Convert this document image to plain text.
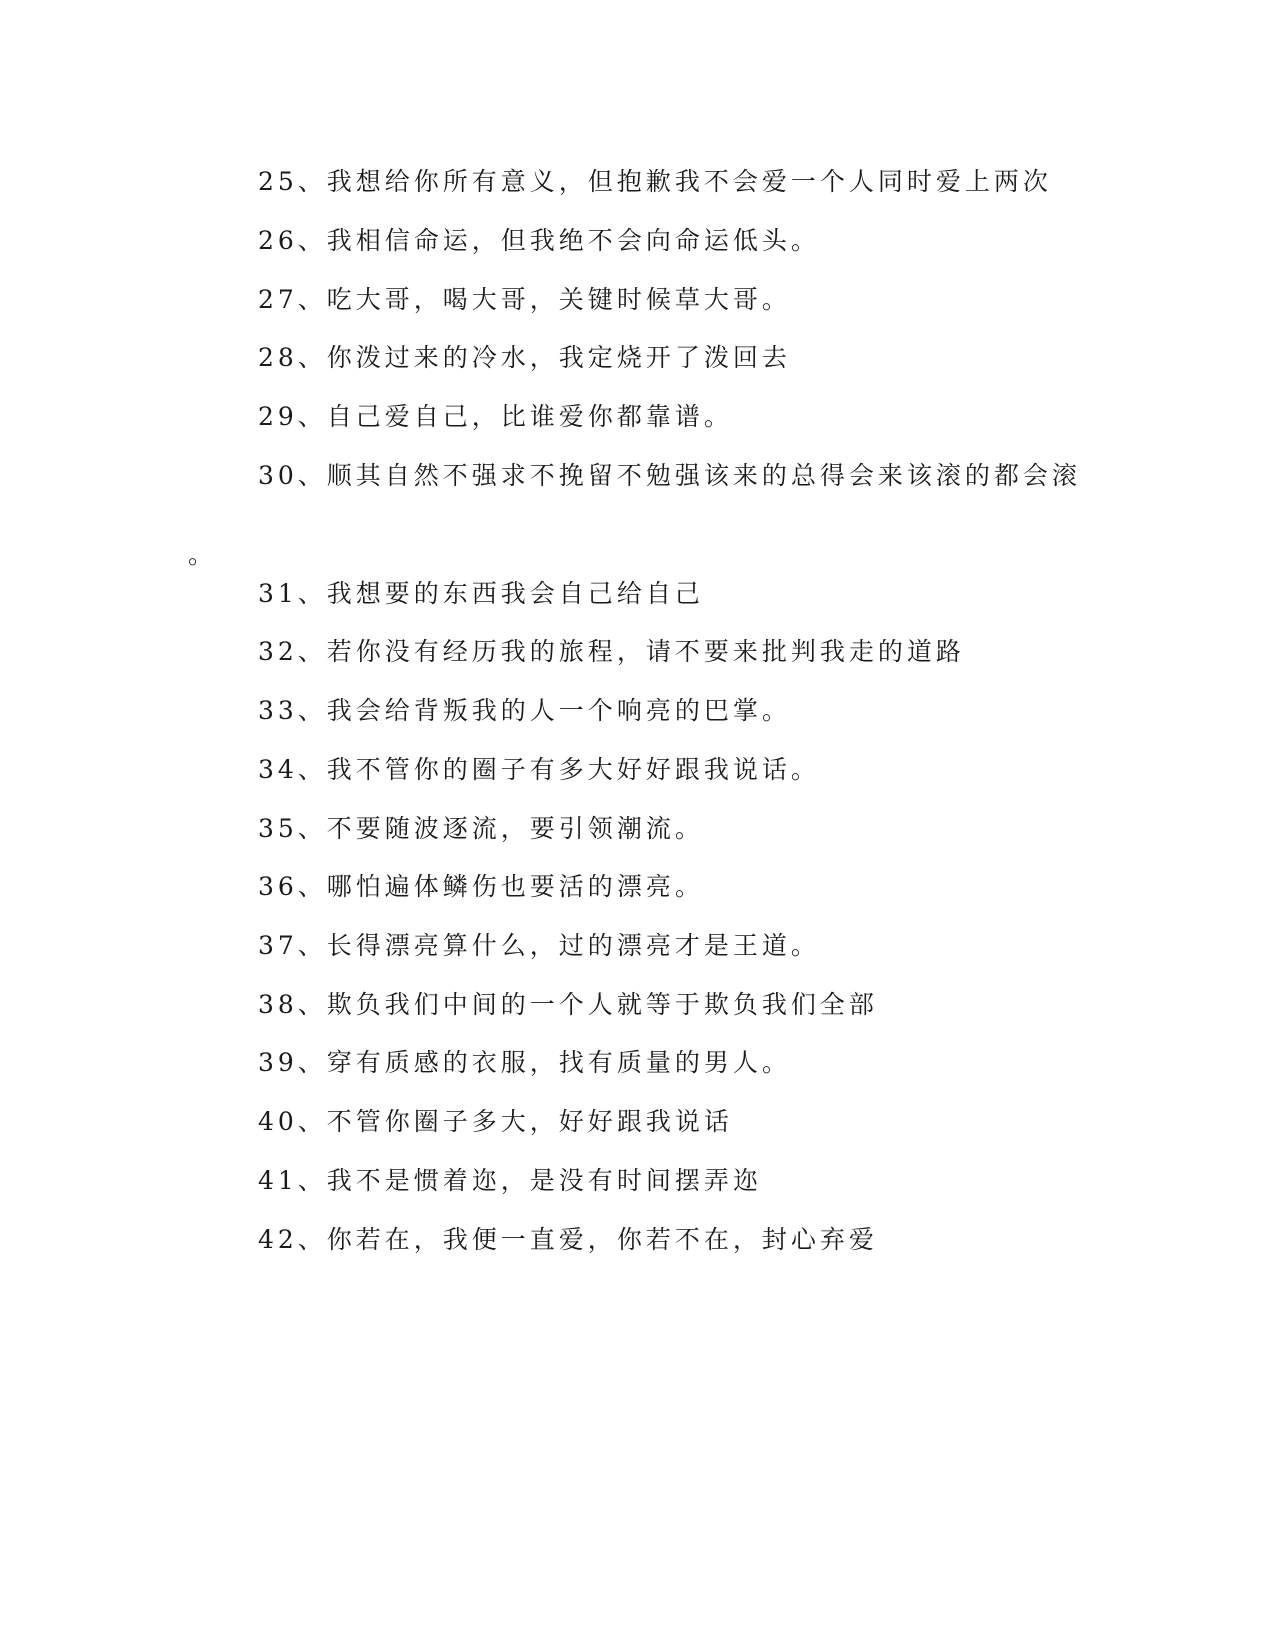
25、我想给你所有意义，但抱歉我不会爱一个人同时爱上两次
26、我相信命运，但我绝不会向命运低头。
27、吃大哥，喝大哥，关键时候草大哥。
28、你泼过来的冷水，我定烧开了泼回去
29、自己爱自己，比谁爱你都靠谱。
30、顺其自然不强求不挽留不勉强该来的总得会来该滚的都会滚
。
31、我想要的东西我会自己给自己
32、若你没有经历我的旅程，请不要来批判我走的道路
33、我会给背叛我的人一个响亮的巴掌。
34、我不管你的圈子有多大好好跟我说话。
35、不要随波逐流，要引领潮流。
36、哪怕遍体鳞伤也要活的漂亮。
37、长得漂亮算什么，过的漂亮才是王道。
38、欺负我们中间的一个人就等于欺负我们全部
39、穿有质感的衣服，找有质量的男人。
40、不管你圈子多大，好好跟我说话
41、我不是惯着迩，是没有时间摆弄迩
42、你若在，我便一直爱，你若不在，封心弃爱
